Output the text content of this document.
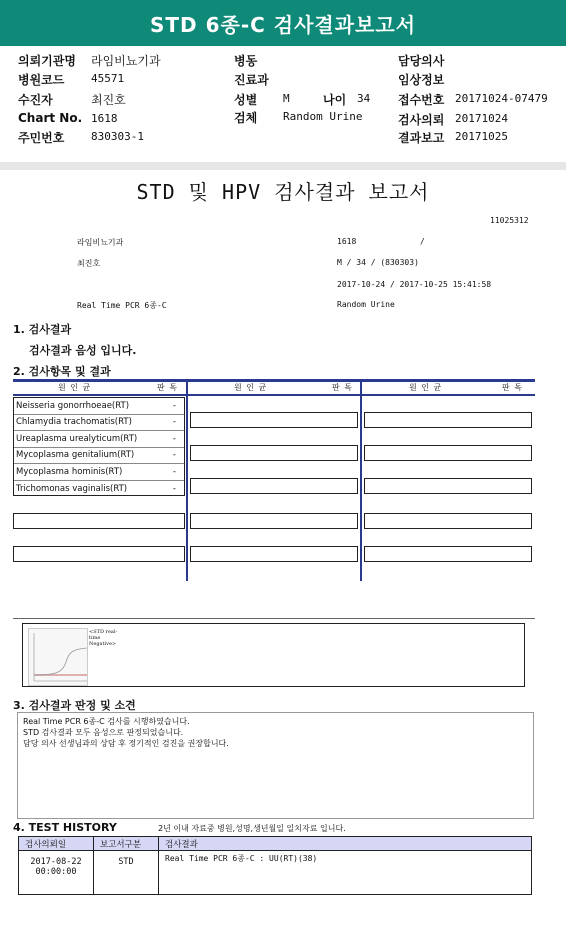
STD 6종-C 검사결과보고서
의뢰기관명 라임비뇨기과
병원코드 45571
수진자	최진호
Chart No. 1618
주민번호 830303-1
병동
진료과
성별 M	나이 34
검체 Random Urine
담당의사
임상정보
접수번호 20171024-07479
검사의뢰 20171024
결과보고 20171025
STD 및 HPV 검사결과 보고서
11025312
라임비뇨기과	1618	/
최진호	M / 34 / (830303)
2017-10-24 / 2017-10-25 15:41:58
Real Time PCR 6종-C	Random Urine
1. 검사결과
검사결과 음성 입니다.
2. 검사항목 및 결과
원 인 균	판 독	원 인 균	판 독	원 인 균	판 독
Neisseria gonorrhoeae(RT)	-
Chlamydia trachomatis(RT)	-
Ureaplasma urealyticum(RT)	-
Mycoplasma genitalium(RT)	-
Mycoplasma hominis(RT)	-
Trichomonas vaginalis(RT)	-
<STD real-time Negative>
3. 검사결과 판정 및 소견
Real Time PCR 6종-C 검사를 시행하였습니다.
STD 검사결과 모두 음성으로 판정되었습니다.
담당 의사 선생님과의 상담 후 정기적인 검진을 권장합니다.
4. TEST HISTORY	2년 이내 자료중 병원,성명,생년월일 일치자료 입니다.
검사의뢰일	보고서구분	검사결과

2017-08-22
00:00:00	STD	Real Time PCR 6종-C : UU(RT)(38)
